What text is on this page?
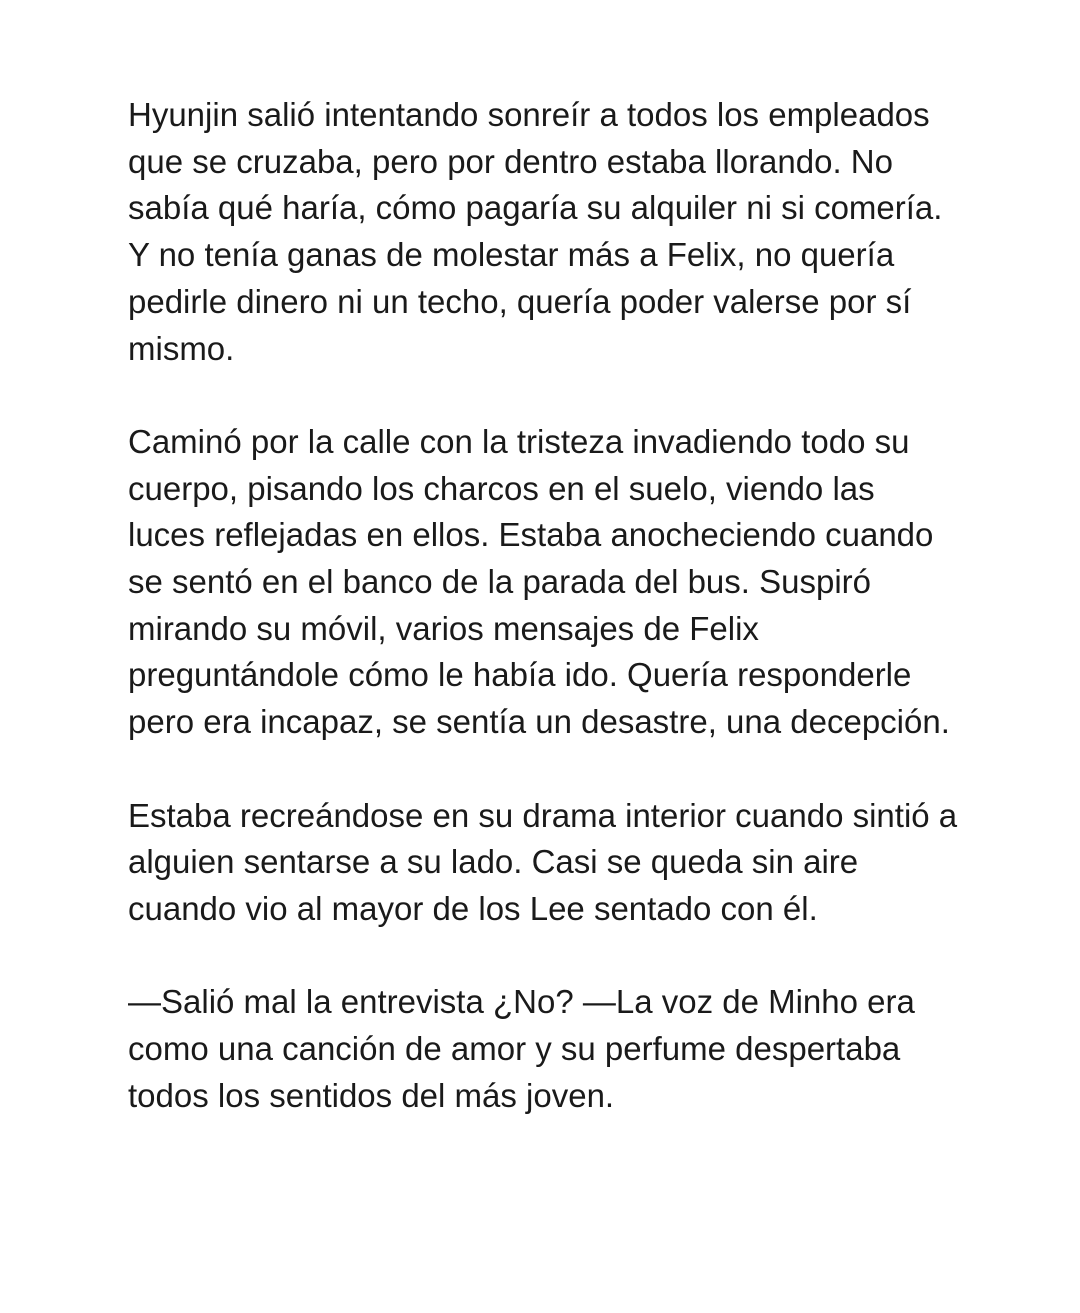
Hyunjin salió intentando sonreír a todos los empleados que se cruzaba, pero por dentro estaba llorando. No sabía qué haría, cómo pagaría su alquiler ni si comería. Y no tenía ganas de molestar más a Felix, no quería pedirle dinero ni un techo, quería poder valerse por sí mismo.

Caminó por la calle con la tristeza invadiendo todo su cuerpo, pisando los charcos en el suelo, viendo las luces reflejadas en ellos. Estaba anocheciendo cuando se sentó en el banco de la parada del bus. Suspiró mirando su móvil, varios mensajes de Felix preguntándole cómo le había ido. Quería responderle pero era incapaz, se sentía un desastre, una decepción.

Estaba recreándose en su drama interior cuando sintió a alguien sentarse a su lado. Casi se queda sin aire cuando vio al mayor de los Lee sentado con él.

—Salió mal la entrevista ¿No? —La voz de Minho era como una canción de amor y su perfume despertaba todos los sentidos del más joven.
